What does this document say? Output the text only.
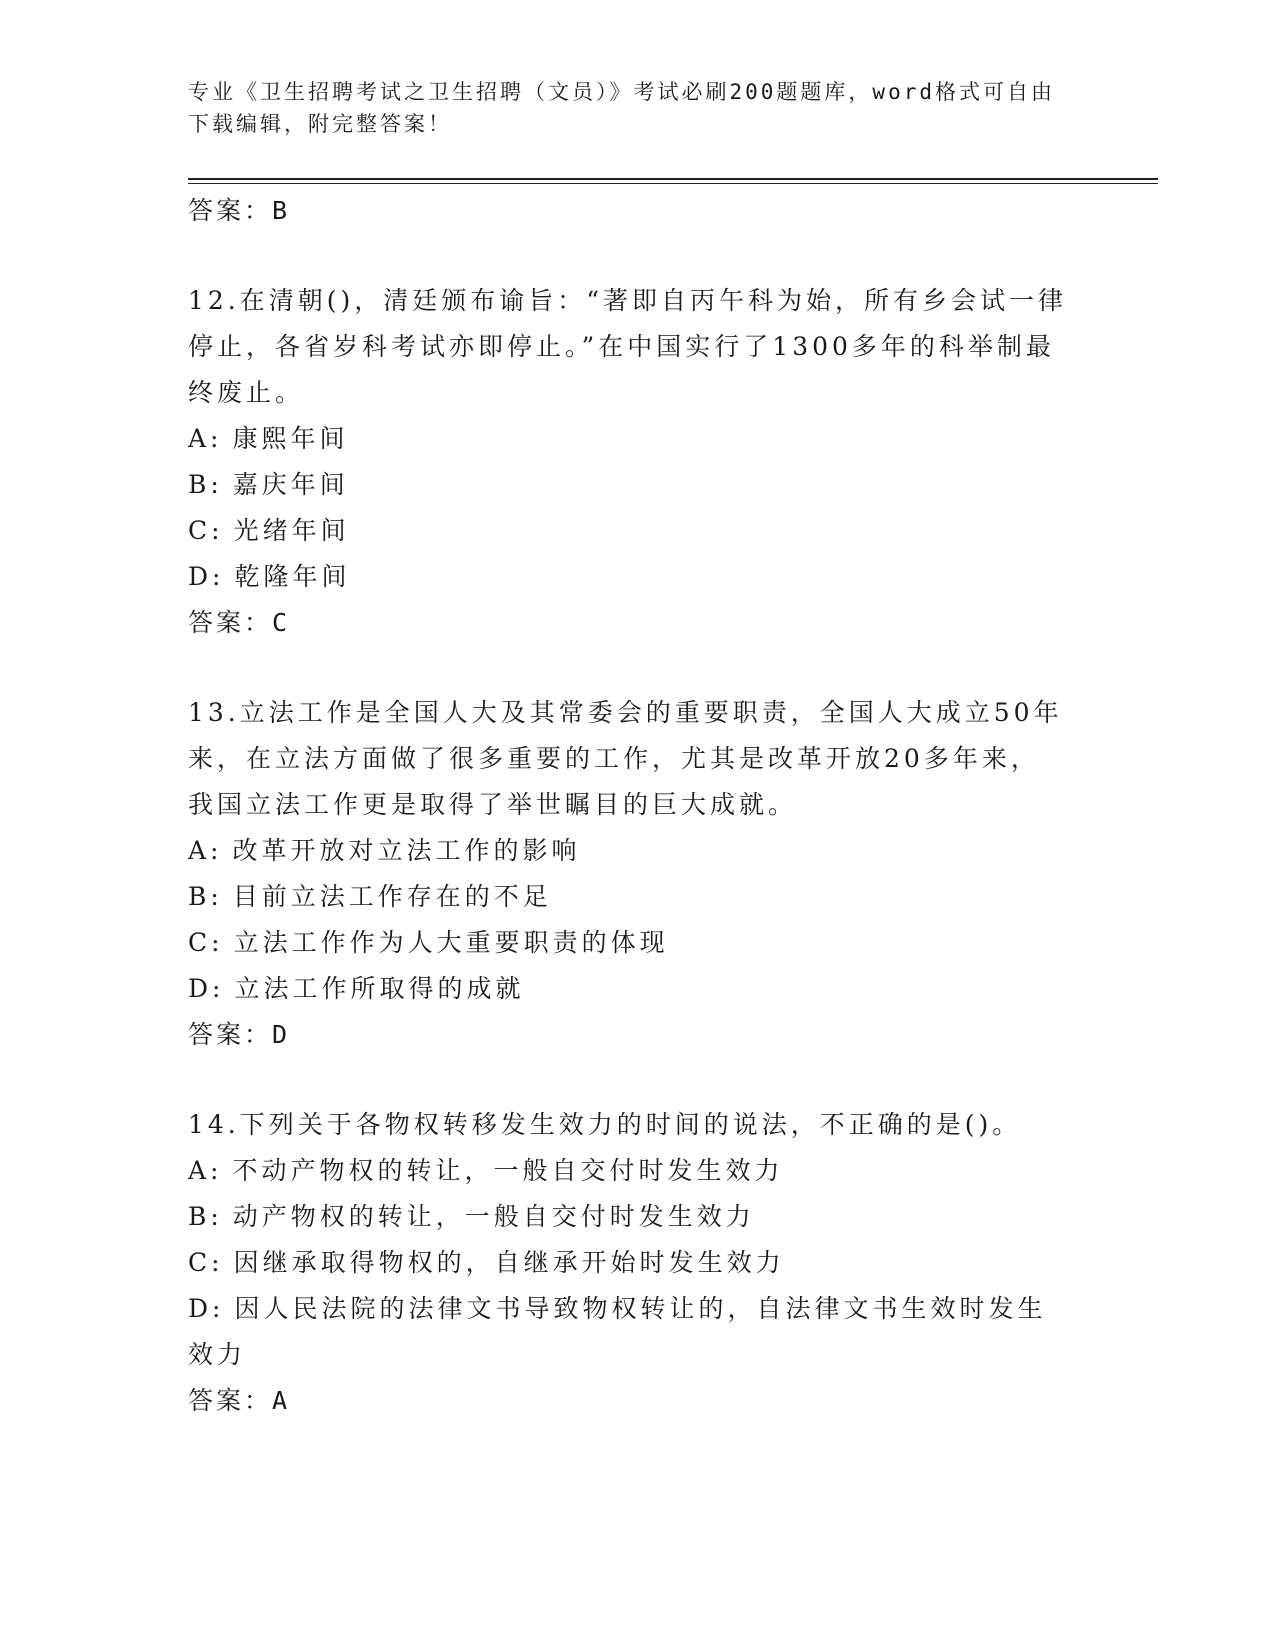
专业《卫生招聘考试之卫生招聘（文员）》考试必刷200题题库，word格式可自由下载编辑，附完整答案！
答案：B
12.在清朝()，清廷颁布谕旨：“著即自丙午科为始，所有乡会试一律停止，各省岁科考试亦即停止。”在中国实行了1300多年的科举制最终废止。
A: 康熙年间
B: 嘉庆年间
C: 光绪年间
D: 乾隆年间
答案：C
13.立法工作是全国人大及其常委会的重要职责，全国人大成立50年来，在立法方面做了很多重要的工作，尤其是改革开放20多年来，我国立法工作更是取得了举世瞩目的巨大成就。
A: 改革开放对立法工作的影响
B: 目前立法工作存在的不足
C: 立法工作作为人大重要职责的体现
D: 立法工作所取得的成就
答案：D
14.下列关于各物权转移发生效力的时间的说法，不正确的是()。
A: 不动产物权的转让，一般自交付时发生效力
B: 动产物权的转让，一般自交付时发生效力
C: 因继承取得物权的，自继承开始时发生效力
D: 因人民法院的法律文书导致物权转让的，自法律文书生效时发生效力
答案：A
